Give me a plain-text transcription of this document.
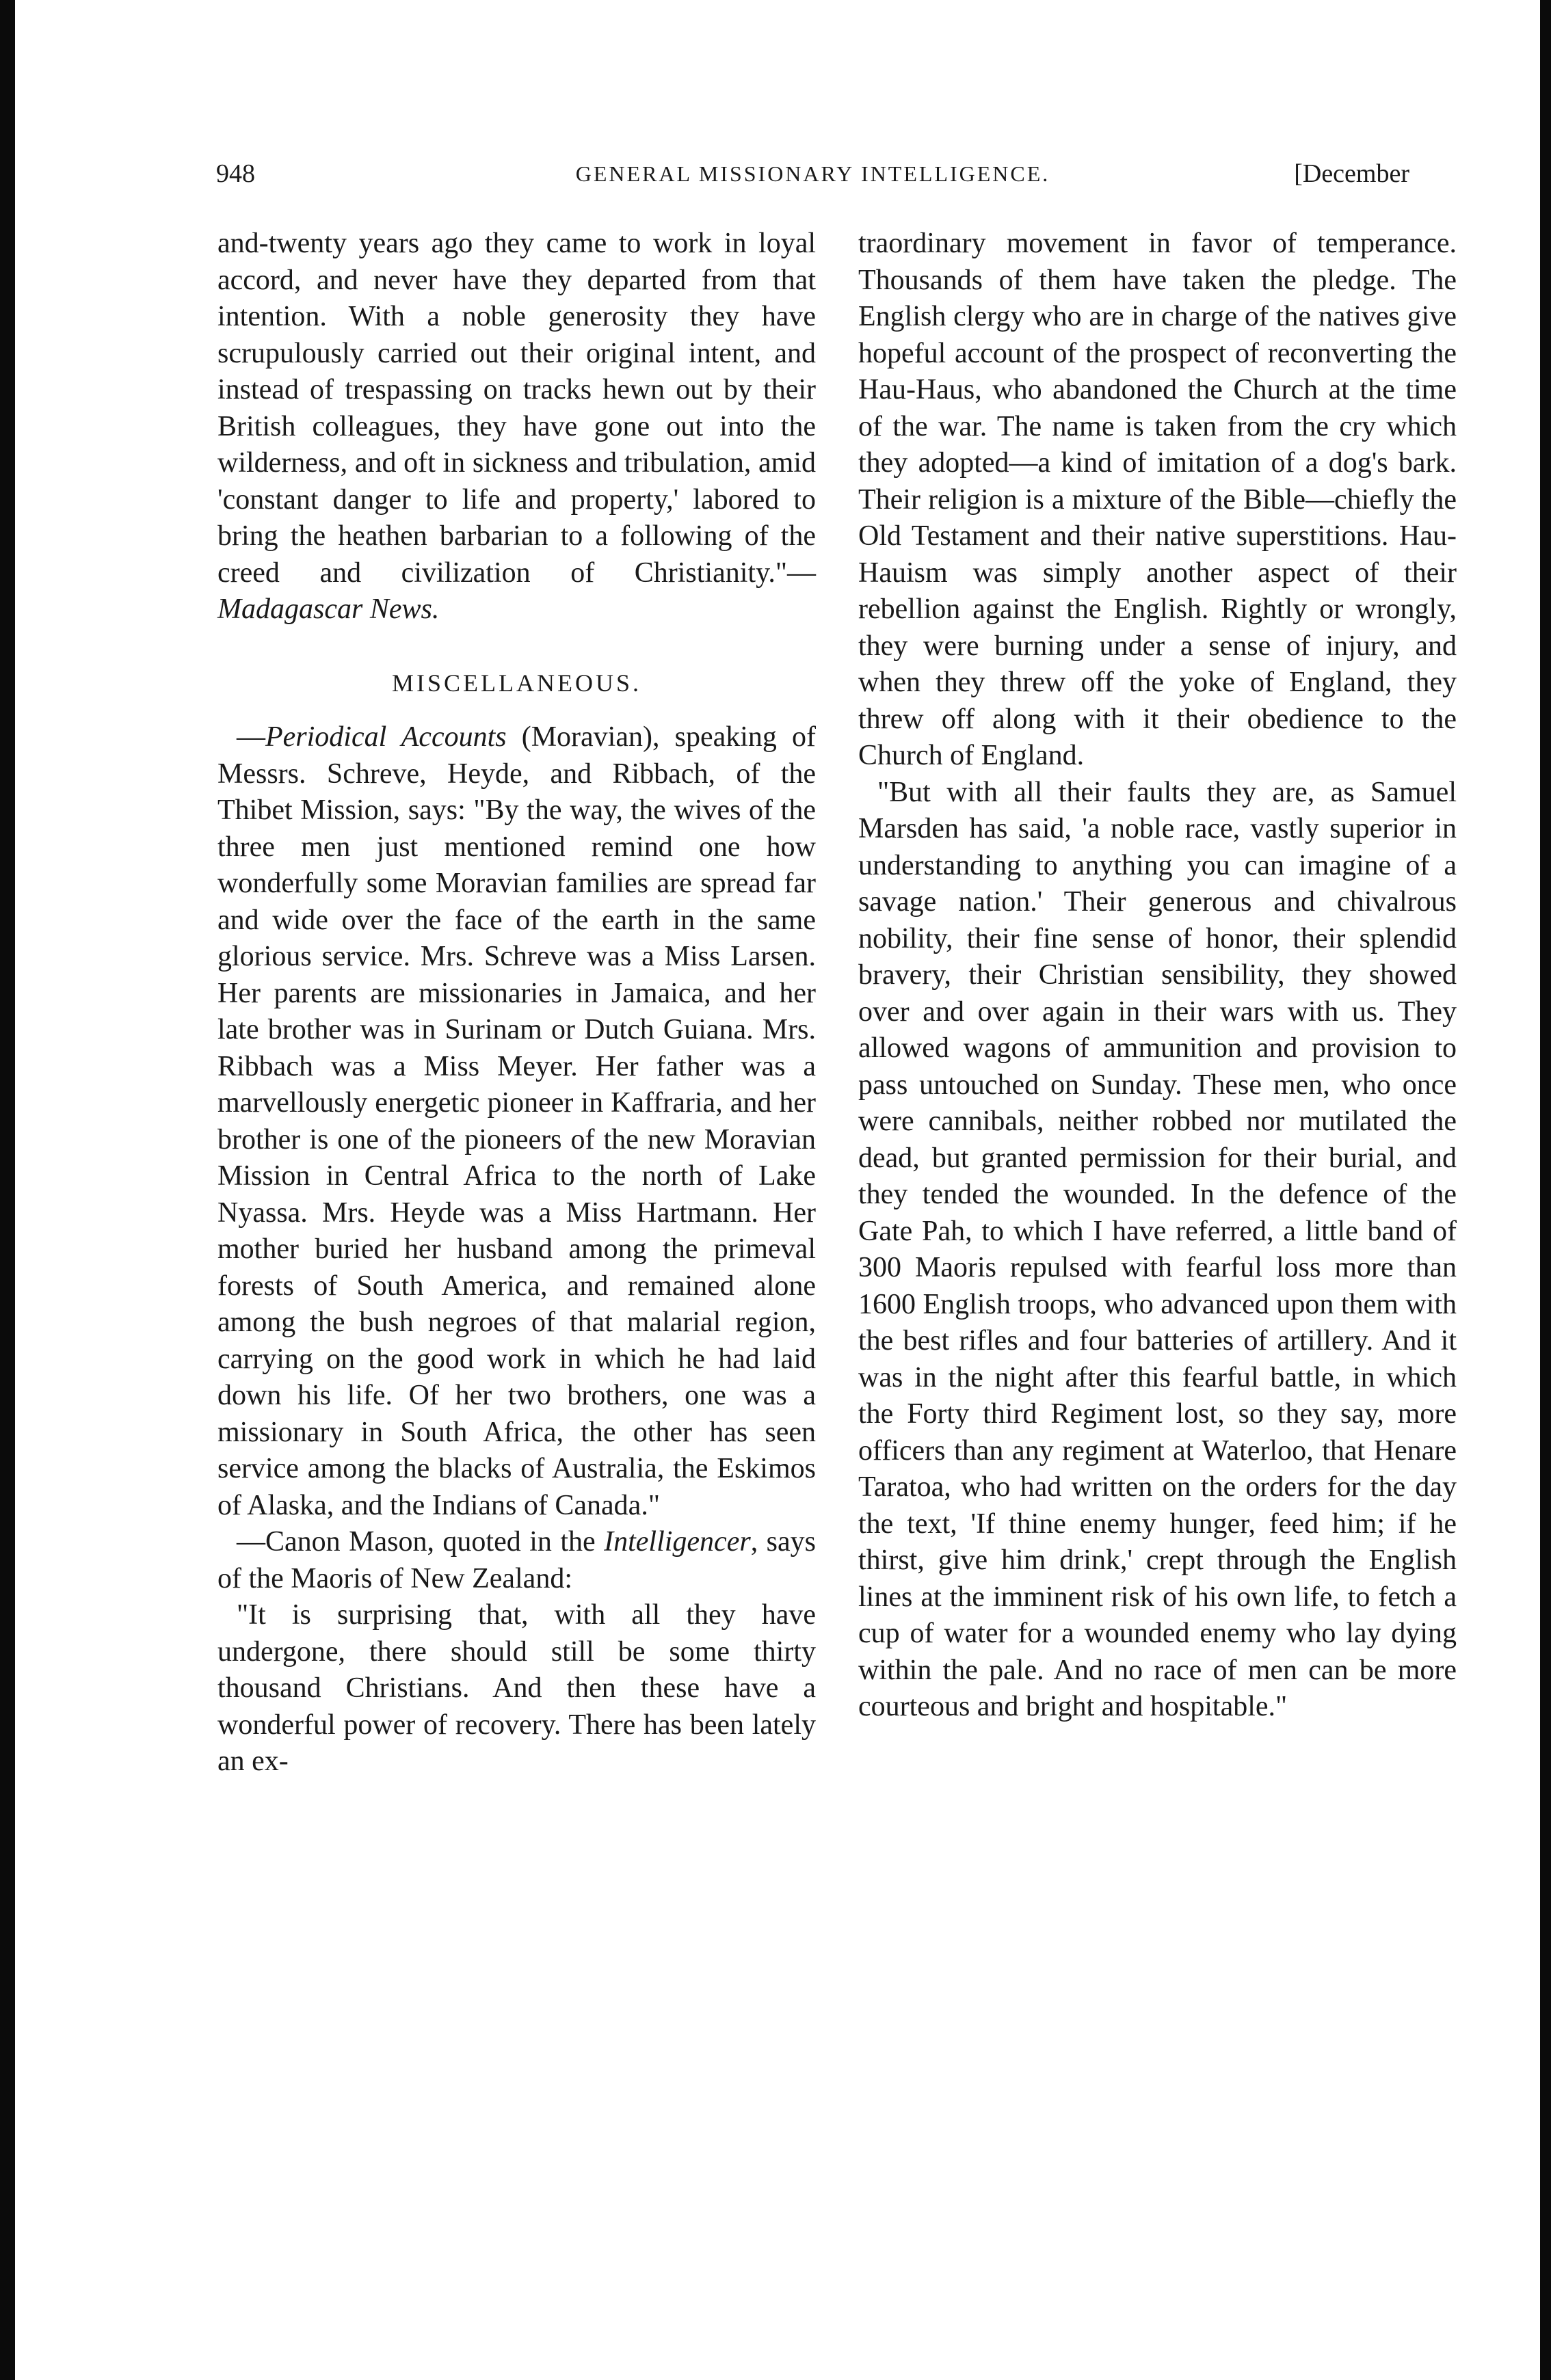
948	GENERAL MISSIONARY INTELLIGENCE.	[December

and-twenty years ago they came to work in loyal accord, and never have they departed from that intention. With a noble generosity they have scrupulously carried out their original intent, and instead of trespassing on tracks hewn out by their British colleagues, they have gone out into the wilderness, and oft in sickness and tribulation, amid 'constant danger to life and property,' labored to bring the heathen barbarian to a following of the creed and civilization of Christianity."—Madagascar News.

MISCELLANEOUS.

—Periodical Accounts (Moravian), speaking of Messrs. Schreve, Heyde, and Ribbach, of the Thibet Mission, says: "By the way, the wives of the three men just mentioned remind one how wonderfully some Moravian families are spread far and wide over the face of the earth in the same glorious service. Mrs. Schreve was a Miss Larsen. Her parents are missionaries in Jamaica, and her late brother was in Surinam or Dutch Guiana. Mrs. Ribbach was a Miss Meyer. Her father was a marvellously energetic pioneer in Kaffraria, and her brother is one of the pioneers of the new Moravian Mission in Central Africa to the north of Lake Nyassa. Mrs. Heyde was a Miss Hartmann. Her mother buried her husband among the primeval forests of South America, and remained alone among the bush negroes of that malarial region, carrying on the good work in which he had laid down his life. Of her two brothers, one was a missionary in South Africa, the other has seen service among the blacks of Australia, the Eskimos of Alaska, and the Indians of Canada."

—Canon Mason, quoted in the Intelligencer, says of the Maoris of New Zealand:

"It is surprising that, with all they have undergone, there should still be some thirty thousand Christians. And then these have a wonderful power of recovery. There has been lately an ex-

traordinary movement in favor of temperance. Thousands of them have taken the pledge. The English clergy who are in charge of the natives give hopeful account of the prospect of reconverting the Hau-Haus, who abandoned the Church at the time of the war. The name is taken from the cry which they adopted—a kind of imitation of a dog's bark. Their religion is a mixture of the Bible—chiefly the Old Testament and their native superstitions. Hau-Hauism was simply another aspect of their rebellion against the English. Rightly or wrongly, they were burning under a sense of injury, and when they threw off the yoke of England, they threw off along with it their obedience to the Church of England.

"But with all their faults they are, as Samuel Marsden has said, 'a noble race, vastly superior in understanding to anything you can imagine of a savage nation.' Their generous and chivalrous nobility, their fine sense of honor, their splendid bravery, their Christian sensibility, they showed over and over again in their wars with us. They allowed wagons of ammunition and provision to pass untouched on Sunday. These men, who once were cannibals, neither robbed nor mutilated the dead, but granted permission for their burial, and they tended the wounded. In the defence of the Gate Pah, to which I have referred, a little band of 300 Maoris repulsed with fearful loss more than 1600 English troops, who advanced upon them with the best rifles and four batteries of artillery. And it was in the night after this fearful battle, in which the Forty third Regiment lost, so they say, more officers than any regiment at Waterloo, that Henare Taratoa, who had written on the orders for the day the text, 'If thine enemy hunger, feed him; if he thirst, give him drink,' crept through the English lines at the imminent risk of his own life, to fetch a cup of water for a wounded enemy who lay dying within the pale. And no race of men can be more courteous and bright and hospitable."
